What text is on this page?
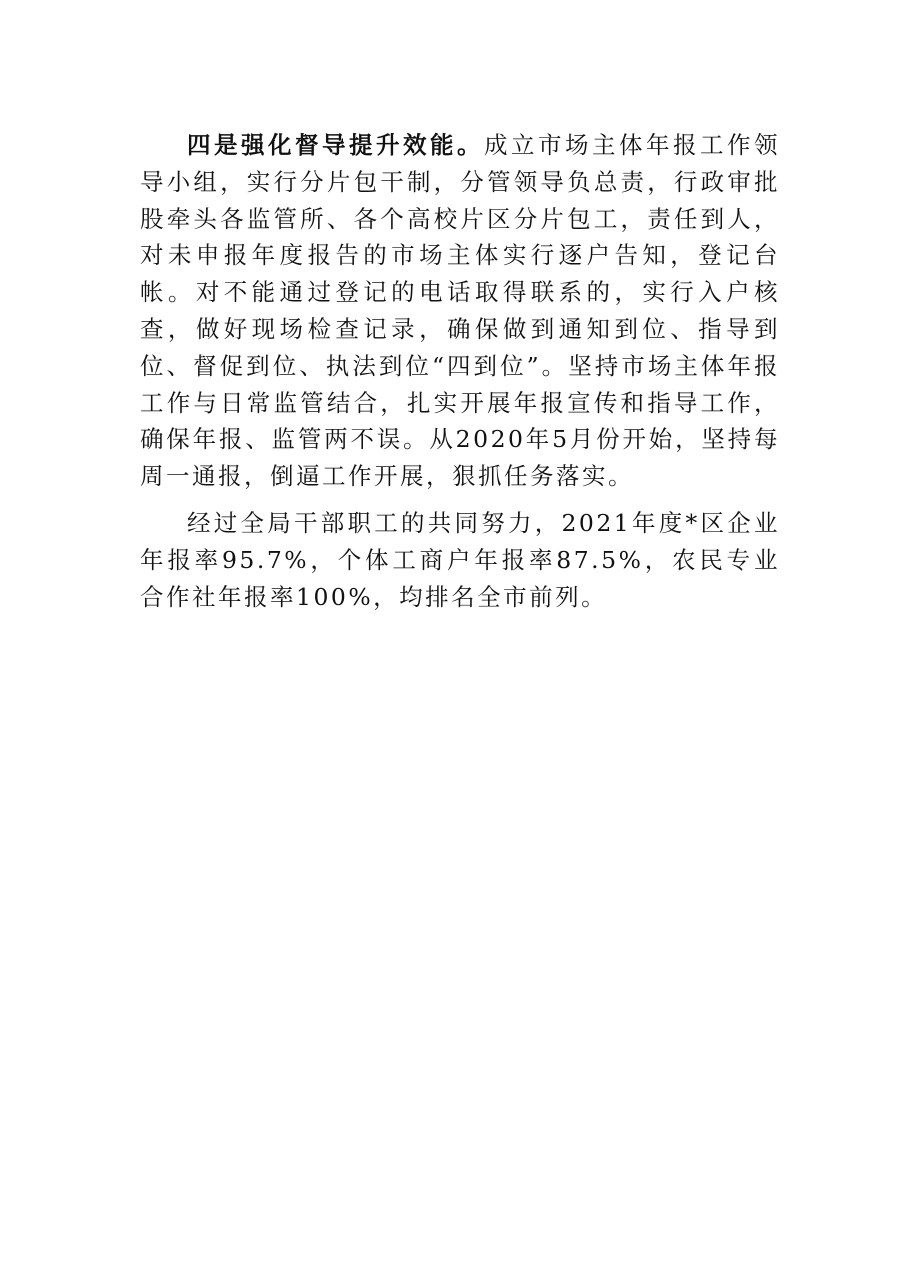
四是强化督导提升效能。成立市场主体年报工作领导小组，实行分片包干制，分管领导负总责，行政审批股牵头各监管所、各个高校片区分片包工，责任到人，对未申报年度报告的市场主体实行逐户告知，登记台帐。对不能通过登记的电话取得联系的，实行入户核查，做好现场检查记录，确保做到通知到位、指导到位、督促到位、执法到位“四到位”。坚持市场主体年报工作与日常监管结合，扎实开展年报宣传和指导工作，确保年报、监管两不误。从2020年5月份开始，坚持每周一通报，倒逼工作开展，狠抓任务落实。

经过全局干部职工的共同努力，2021年度*区企业年报率95.7%，个体工商户年报率87.5%，农民专业合作社年报率100%，均排名全市前列。
